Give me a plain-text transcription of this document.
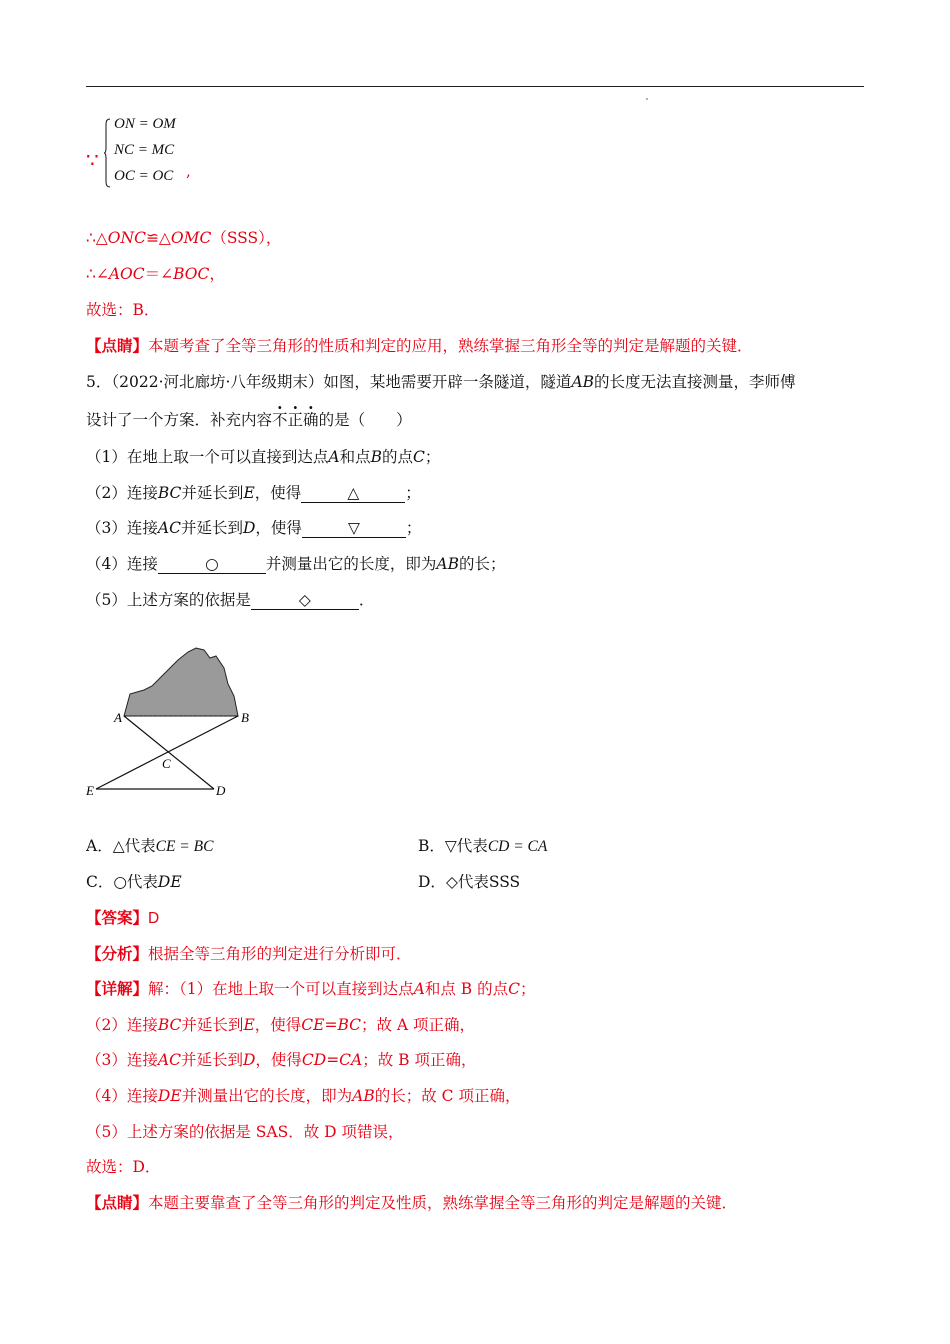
∵
ON = OM
NC = MC
OC = OC ,
∴△ONC≌△OMC（SSS），
∴∠AOC＝∠BOC，
故选：B．
【点睛】本题考查了全等三角形的性质和判定的应用，熟练掌握三角形全等的判定是解题的关键．
5．（2022·河北廊坊·八年级期末）如图，某地需要开辟一条隧道，隧道AB的长度无法直接测量，李师傅
设计了一个方案．补充内容不正确的是（　　）
（1）在地上取一个可以直接到达点A和点B的点C；
（2）连接BC并延长到E，使得	△	；
（3）连接AC并延长到D，使得	▽	；
（4）连接	○	并测量出它的长度，即为AB的长；
（5）上述方案的依据是	◇	．
A	B
C
E	D
A．△代表CE = BC	B．▽代表CD = CA
C．○代表DE	D．◇代表SSS
【答案】D
【分析】根据全等三角形的判定进行分析即可．
【详解】解：（1）在地上取一个可以直接到达点A和点 B 的点C；
（2）连接BC并延长到E，使得CE=BC；故 A 项正确，
（3）连接AC并延长到D，使得CD=CA；故 B 项正确，
（4）连接DE并测量出它的长度，即为AB的长；故 C 项正确，
（5）上述方案的依据是 SAS．故 D 项错误，
故选：D．
【点睛】本题主要靠查了全等三角形的判定及性质，熟练掌握全等三角形的判定是解题的关键．
